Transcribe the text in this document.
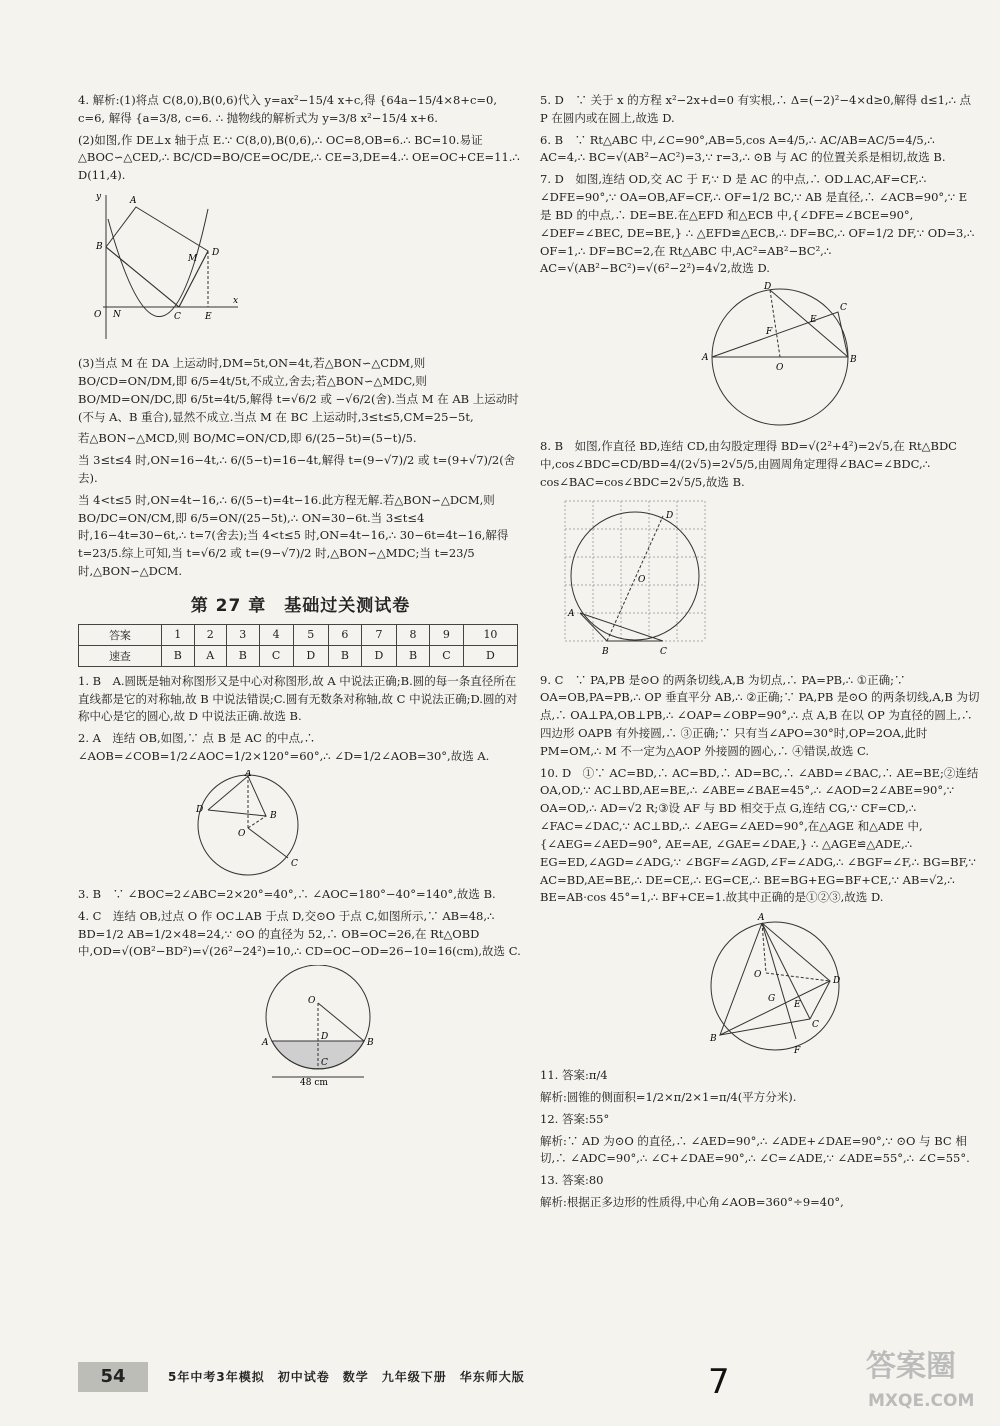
4. 解析:(1)将点 C(8,0),B(0,6)代入 y=ax²−15/4 x+c,得 {64a−15/4×8+c=0, c=6, 解得 {a=3/8, c=6. ∴ 抛物线的解析式为 y=3/8 x²−15/4 x+6.

(2)如图,作 DE⊥x 轴于点 E.∵ C(8,0),B(0,6),∴ OC=8,OB=6.∴ BC=10.易证△BOC∽△CED,∴ BC/CD=BO/CE=OC/DE,∴ CE=3,DE=4.∴ OE=OC+CE=11.∴ D(11,4).

y	A
B
M
D
O N	C	E
x

(3)当点 M 在 DA 上运动时,DM=5t,ON=4t,若△BON∽△CDM,则 BO/CD=ON/DM,即 6/5=4t/5t,不成立,舍去;若△BON∽△MDC,则 BO/MD=ON/DC,即 6/5t=4t/5,解得 t=√6/2 或 −√6/2(舍).当点 M 在 AB 上运动时(不与 A、B 重合),显然不成立.当点 M 在 BC 上运动时,3≤t≤5,CM=25−5t,

若△BON∽△MCD,则 BO/MC=ON/CD,即 6/(25−5t)=(5−t)/5.

当 3≤t≤4 时,ON=16−4t,∴ 6/(5−t)=16−4t,解得 t=(9−√7)/2 或 t=(9+√7)/2(舍去).

当 4<t≤5 时,ON=4t−16,∴ 6/(5−t)=4t−16.此方程无解.若△BON∽△DCM,则 BO/DC=ON/CM,即 6/5=ON/(25−5t),∴ ON=30−6t.当 3≤t≤4 时,16−4t=30−6t,∴ t=7(舍去);当 4<t≤5 时,ON=4t−16,∴ 30−6t=4t−16,解得 t=23/5.综上可知,当 t=√6/2 或 t=(9−√7)/2 时,△BON∽△MDC;当 t=23/5 时,△BON∽△DCM.

第 27 章　基础过关测试卷
答案	1	2	3	4	5	6	7	8	9	10
速查	B	A	B	C	D	B	D	B	C	D

1. B　A.圆既是轴对称图形又是中心对称图形,故 A 中说法正确;B.圆的每一条直径所在直线都是它的对称轴,故 B 中说法错误;C.圆有无数条对称轴,故 C 中说法正确;D.圆的对称中心是它的圆心,故 D 中说法正确.故选 B.

2. A　连结 OB,如图,∵ 点 B 是 AC 的中点,∴ ∠AOB=∠COB=1/2∠AOC=1/2×120°=60°,∴ ∠D=1/2∠AOB=30°,故选 A.

A
B
D
O
C

3. B　∵ ∠BOC=2∠ABC=2×20°=40°,∴ ∠AOC=180°−40°=140°,故选 B.

4. C　连结 OB,过点 O 作 OC⊥AB 于点 D,交⊙O 于点 C,如图所示,∵ AB=48,∴ BD=1/2 AB=1/2×48=24,∵ ⊙O 的直径为 52,∴ OB=OC=26,在 Rt△OBD 中,OD=√(OB²−BD²)=√(26²−24²)=10,∴ CD=OC−OD=26−10=16(cm),故选 C.

O
A	B
D
C
48 cm

5. D　∵ 关于 x 的方程 x²−2x+d=0 有实根,∴ Δ=(−2)²−4×d≥0,解得 d≤1,∴ 点 P 在圆内或在圆上,故选 D.

6. B　∵ Rt△ABC 中,∠C=90°,AB=5,cos A=4/5,∴ AC/AB=AC/5=4/5,∴ AC=4,∴ BC=√(AB²−AC²)=3,∵ r=3,∴ ⊙B 与 AC 的位置关系是相切,故选 B.

7. D　如图,连结 OD,交 AC 于 F,∵ D 是 AC 的中点,∴ OD⊥AC,AF=CF,∴ ∠DFE=90°,∵ OA=OB,AF=CF,∴ OF=1/2 BC,∵ AB 是直径,∴ ∠ACB=90°,∵ E 是 BD 的中点,∴ DE=BE.在△EFD 和△ECB 中,{∠DFE=∠BCE=90°, ∠DEF=∠BEC, DE=BE,} ∴ △EFD≌△ECB,∴ DF=BC,∴ OF=1/2 DF,∵ OD=3,∴ OF=1,∴ DF=BC=2,在 Rt△ABC 中,AC²=AB²−BC²,∴ AC=√(AB²−BC²)=√(6²−2²)=4√2,故选 D.

D
E
C
F
A
O
B

8. B　如图,作直径 BD,连结 CD,由勾股定理得 BD=√(2²+4²)=2√5,在 Rt△BDC 中,cos∠BDC=CD/BD=4/(2√5)=2√5/5,由圆周角定理得∠BAC=∠BDC,∴ cos∠BAC=cos∠BDC=2√5/5,故选 B.

D
O
A
B	C

9. C　∵ PA,PB 是⊙O 的两条切线,A,B 为切点,∴ PA=PB,∴ ①正确;∵ OA=OB,PA=PB,∴ OP 垂直平分 AB,∴ ②正确;∵ PA,PB 是⊙O 的两条切线,A,B 为切点,∴ OA⊥PA,OB⊥PB,∴ ∠OAP=∠OBP=90°,∴ 点 A,B 在以 OP 为直径的圆上,∴ 四边形 OAPB 有外接圆,∴ ③正确;∵ 只有当∠APO=30°时,OP=2OA,此时 PM=OM,∴ M 不一定为△AOP 外接圆的圆心,∴ ④错误,故选 C.

10. D　①∵ AC=BD,∴ AC=BD,∴ AD=BC,∴ ∠ABD=∠BAC,∴ AE=BE;②连结 OA,OD,∵ AC⊥BD,AE=BE,∴ ∠ABE=∠BAE=45°,∴ ∠AOD=2∠ABE=90°,∵ OA=OD,∴ AD=√2 R;③设 AF 与 BD 相交于点 G,连结 CG,∵ CF=CD,∴ ∠FAC=∠DAC,∵ AC⊥BD,∴ ∠AEG=∠AED=90°,在△AGE 和△ADE 中,{∠AEG=∠AED=90°, AE=AE, ∠GAE=∠DAE,} ∴ △AGE≌△ADE,∴ EG=ED,∠AGD=∠ADG,∵ ∠BGF=∠AGD,∠F=∠ADG,∴ ∠BGF=∠F,∴ BG=BF,∵ AC=BD,AE=BE,∴ DE=CE,∴ EG=CE,∴ BE=BG+EG=BF+CE,∵ AB=√2,∴ BE=AB·cos 45°=1,∴ BF+CE=1.故其中正确的是①②③,故选 D.

A
O
D
G
E
C
B
F

11. 答案:π/4

解析:圆锥的侧面积=1/2×π/2×1=π/4(平方分米).

12. 答案:55°

解析:∵ AD 为⊙O 的直径,∴ ∠AED=90°,∴ ∠ADE+∠DAE=90°,∵ ⊙O 与 BC 相切,∴ ∠ADC=90°,∴ ∠C+∠DAE=90°,∴ ∠C=∠ADE,∵ ∠ADE=55°,∴ ∠C=55°.

13. 答案:80

解析:根据正多边形的性质得,中心角∠AOB=360°÷9=40°,

54	5年中考3年模拟　初中试卷　数学　九年级下册　华东师大版	7	答案圈
MXQE.COM
